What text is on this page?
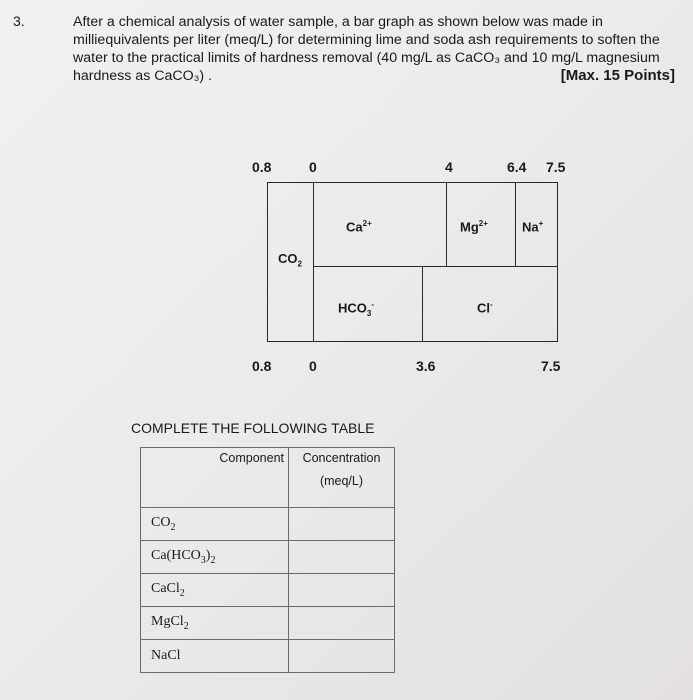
3.	After a chemical analysis of water sample, a bar graph as shown below was made in
milliequivalents per liter (meq/L) for determining lime and soda ash requirements to soften the
water to the practical limits of hardness removal (40 mg/L as CaCO₃ and 10 mg/L magnesium
hardness as CaCO₃) .	[Max. 15 Points]
0.8	0	4	6.4 7.5
$CO_2$
$Ca^{2+}$	$Mg^{2+}$	Na+
$HCO_3^-$	Cl-
0.8	0	3.6	7.5
COMPLETE THE FOLLOWING TABLE
Component	Concentration
(meq/L)

$CO_2$	
$Ca(HCO_3)_2$	
CaCl$_2$	
MgCl$_2$	
NaCl	
